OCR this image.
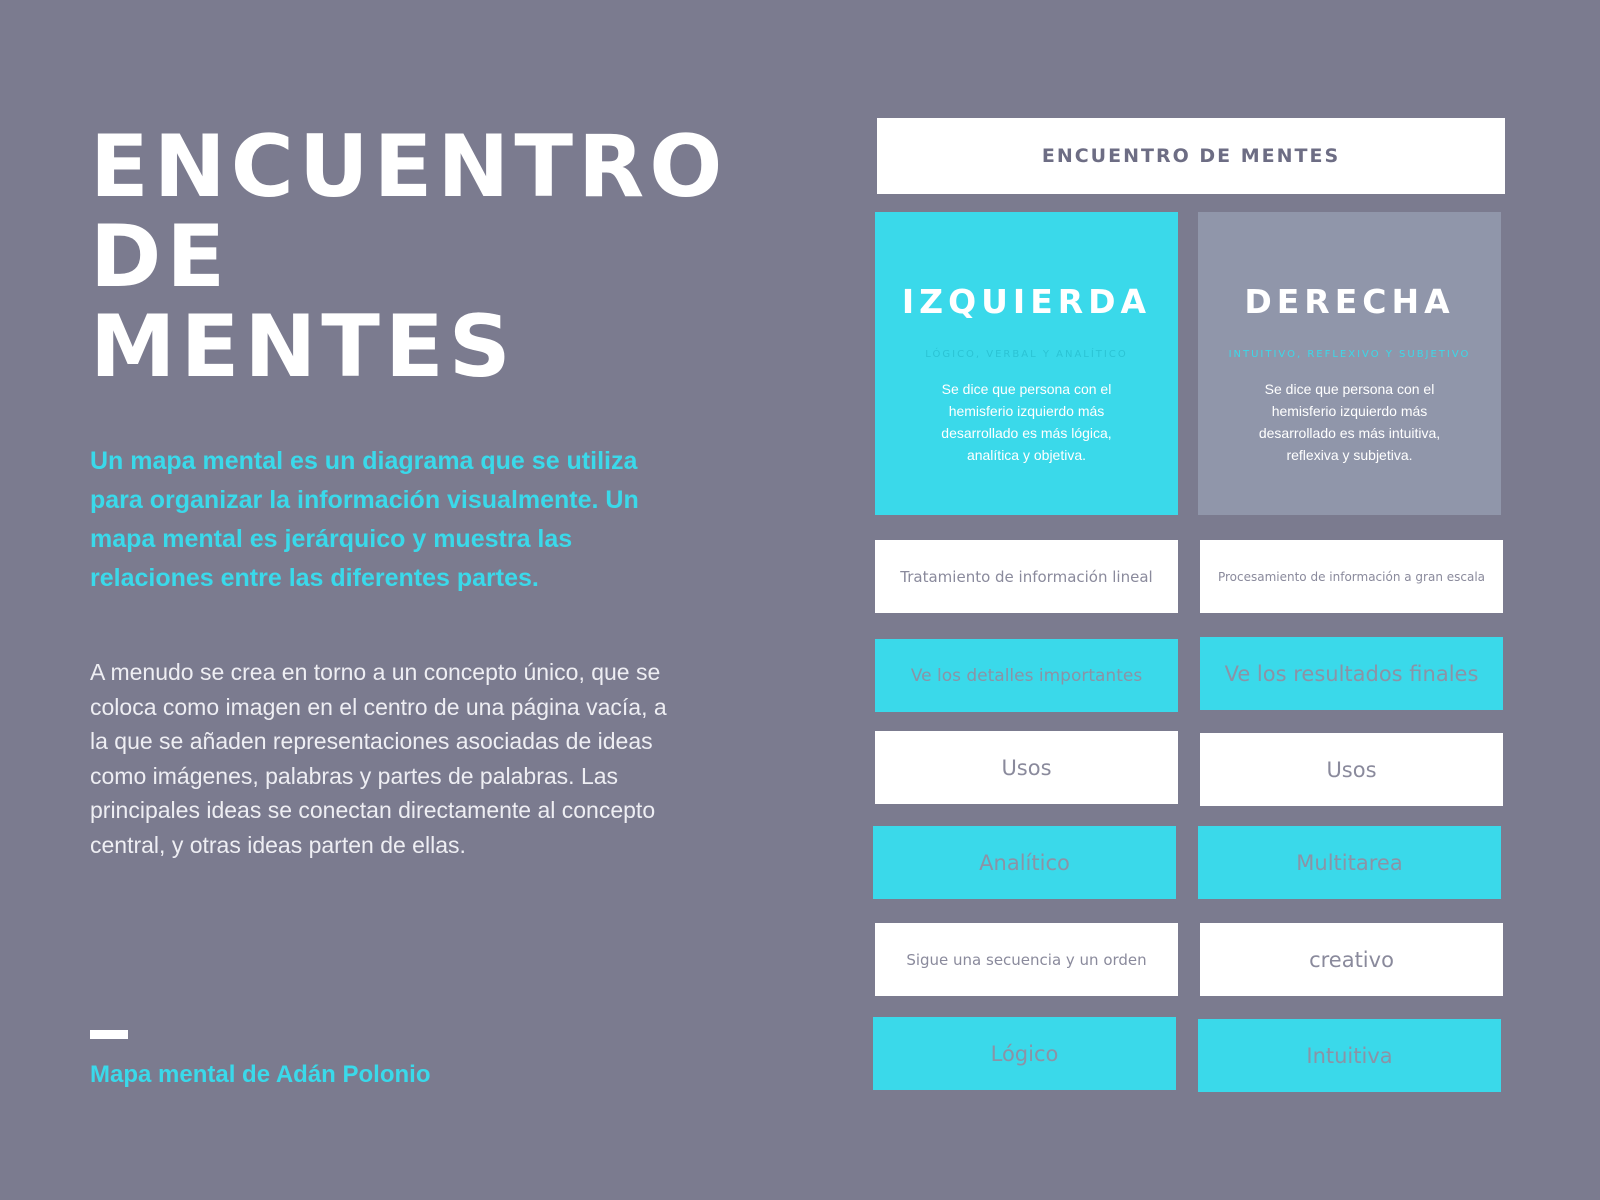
ENCUENTRO
DE
MENTES
Un mapa mental es un diagrama que se utiliza para organizar la información visualmente. Un mapa mental es jerárquico y muestra las relaciones entre las diferentes partes.
A menudo se crea en torno a un concepto único, que se coloca como imagen en el centro de una página vacía, a la que se añaden representaciones asociadas de ideas como imágenes, palabras y partes de palabras. Las principales ideas se conectan directamente al concepto central, y otras ideas parten de ellas.
Mapa mental de Adán Polonio
ENCUENTRO DE MENTES
IZQUIERDA
LÓGICO, VERBAL Y ANALÍTICO
Se dice que persona con el hemisferio izquierdo más desarrollado es más lógica, analítica y objetiva.
DERECHA
INTUITIVO, REFLEXIVO Y SUBJETIVO
Se dice que persona con el hemisferio izquierdo más desarrollado es más intuitiva, reflexiva y subjetiva.
Tratamiento de información lineal
Ve los detalles importantes
Usos
Analítico
Sigue una secuencia y un orden
Lógico
Procesamiento de información a gran escala
Ve los resultados finales
Usos
Multitarea
creativo
Intuitiva
